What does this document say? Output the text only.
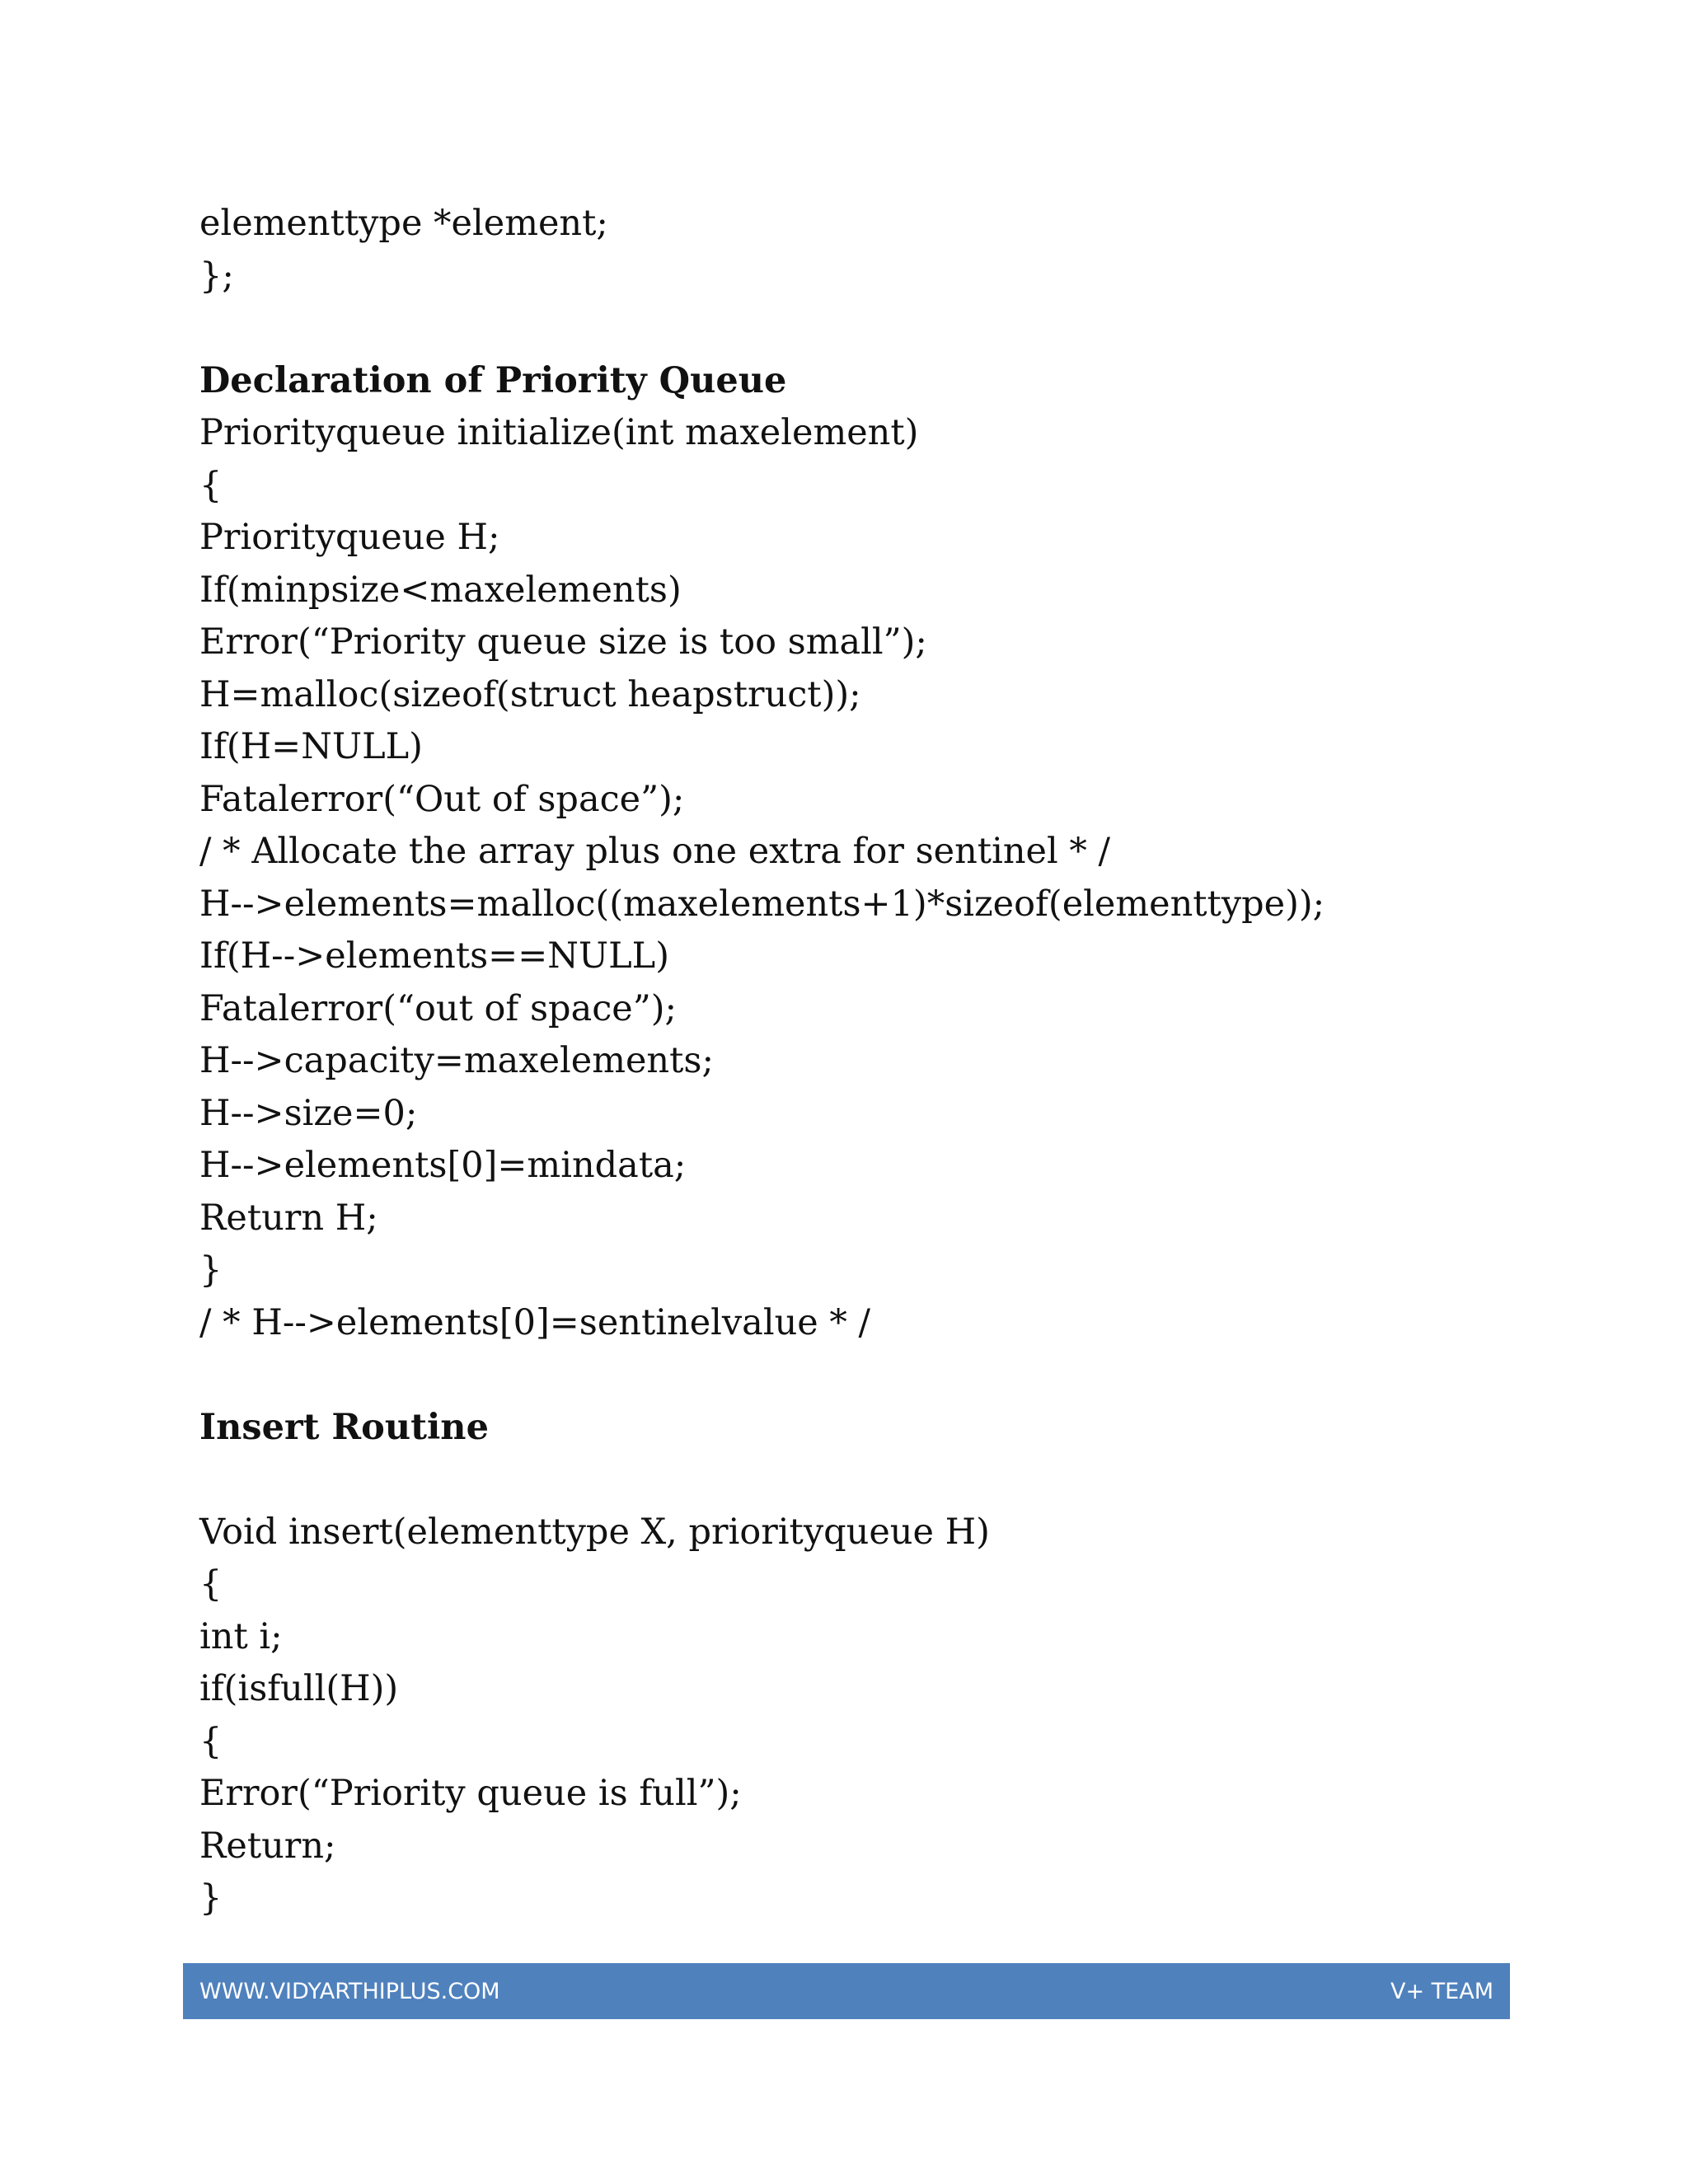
elementtype *element;
};
Declaration of Priority Queue
Priorityqueue initialize(int maxelement)
{
Priorityqueue H;
If(minpsize<maxelements)
Error(“Priority queue size is too small”);
H=malloc(sizeof(struct heapstruct));
If(H=NULL)
Fatalerror(“Out of space”);
/ * Allocate the array plus one extra for sentinel * /
H-->elements=malloc((maxelements+1)*sizeof(elementtype));
If(H-->elements==NULL)
Fatalerror(“out of space”);
H-->capacity=maxelements;
H-->size=0;
H-->elements[0]=mindata;
Return H;
}
/ * H-->elements[0]=sentinelvalue * /
Insert Routine
Void insert(elementtype X, priorityqueue H)
{
int i;
if(isfull(H))
{
Error(“Priority queue is full”);
Return;
}
WWW.VIDYARTHIPLUS.COM	V+ TEAM
